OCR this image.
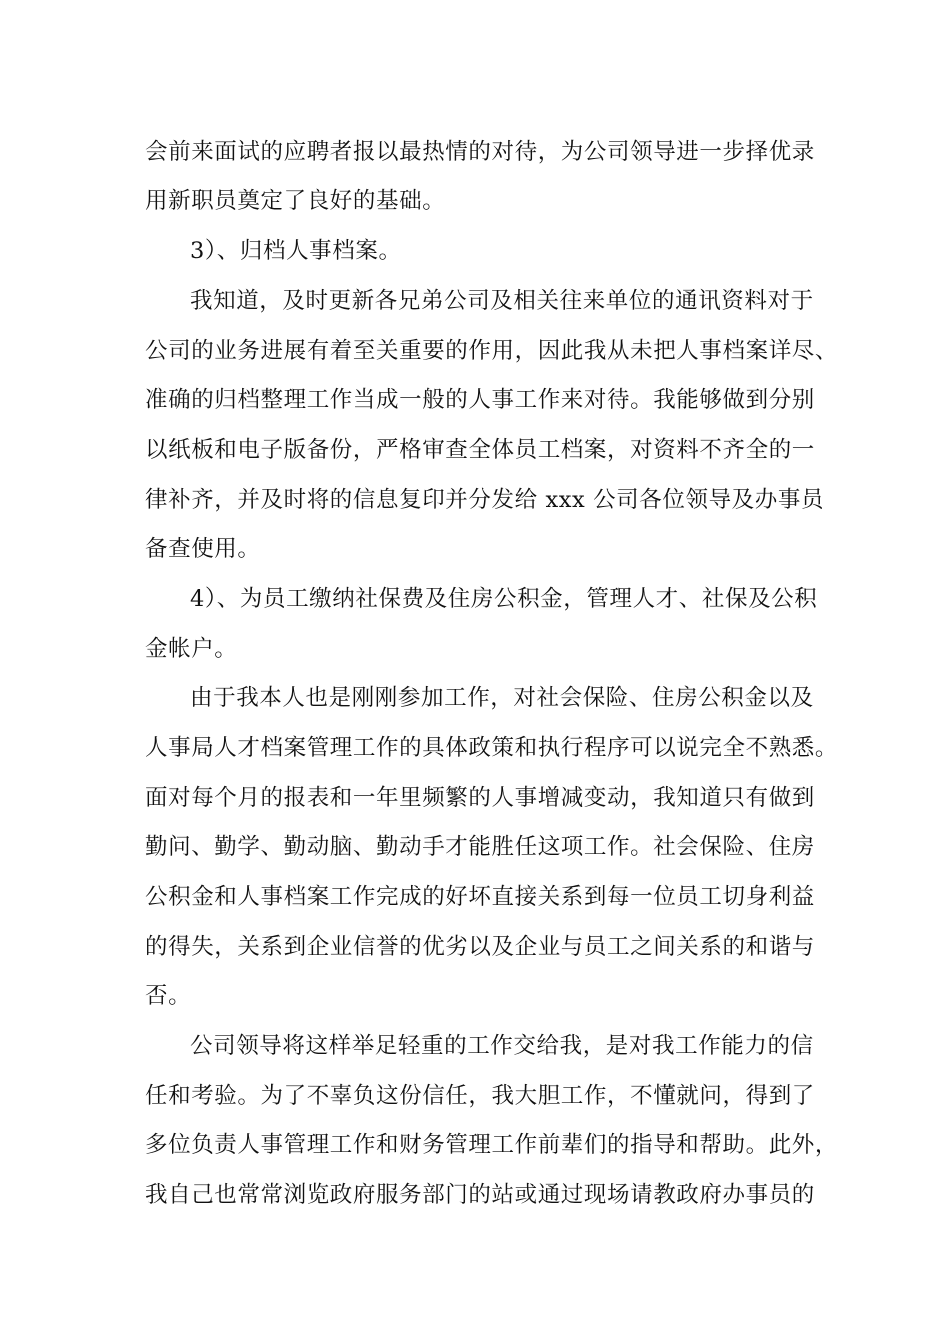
会前来面试的应聘者报以最热情的对待，为公司领导进一步择优录
用新职员奠定了良好的基础。
3）、归档人事档案。
我知道，及时更新各兄弟公司及相关往来单位的通讯资料对于
公司的业务进展有着至关重要的作用，因此我从未把人事档案详尽、
准确的归档整理工作当成一般的人事工作来对待。我能够做到分别
以纸板和电子版备份，严格审查全体员工档案，对资料不齐全的一
律补齐，并及时将的信息复印并分发给 xxx 公司各位领导及办事员
备查使用。
4）、为员工缴纳社保费及住房公积金，管理人才、社保及公积
金帐户。
由于我本人也是刚刚参加工作，对社会保险、住房公积金以及
人事局人才档案管理工作的具体政策和执行程序可以说完全不熟悉。
面对每个月的报表和一年里频繁的人事增减变动，我知道只有做到
勤问、勤学、勤动脑、勤动手才能胜任这项工作。社会保险、住房
公积金和人事档案工作完成的好坏直接关系到每一位员工切身利益
的得失，关系到企业信誉的优劣以及企业与员工之间关系的和谐与
否。
公司领导将这样举足轻重的工作交给我，是对我工作能力的信
任和考验。为了不辜负这份信任，我大胆工作，不懂就问，得到了
多位负责人事管理工作和财务管理工作前辈们的指导和帮助。此外，
我自己也常常浏览政府服务部门的站或通过现场请教政府办事员的
